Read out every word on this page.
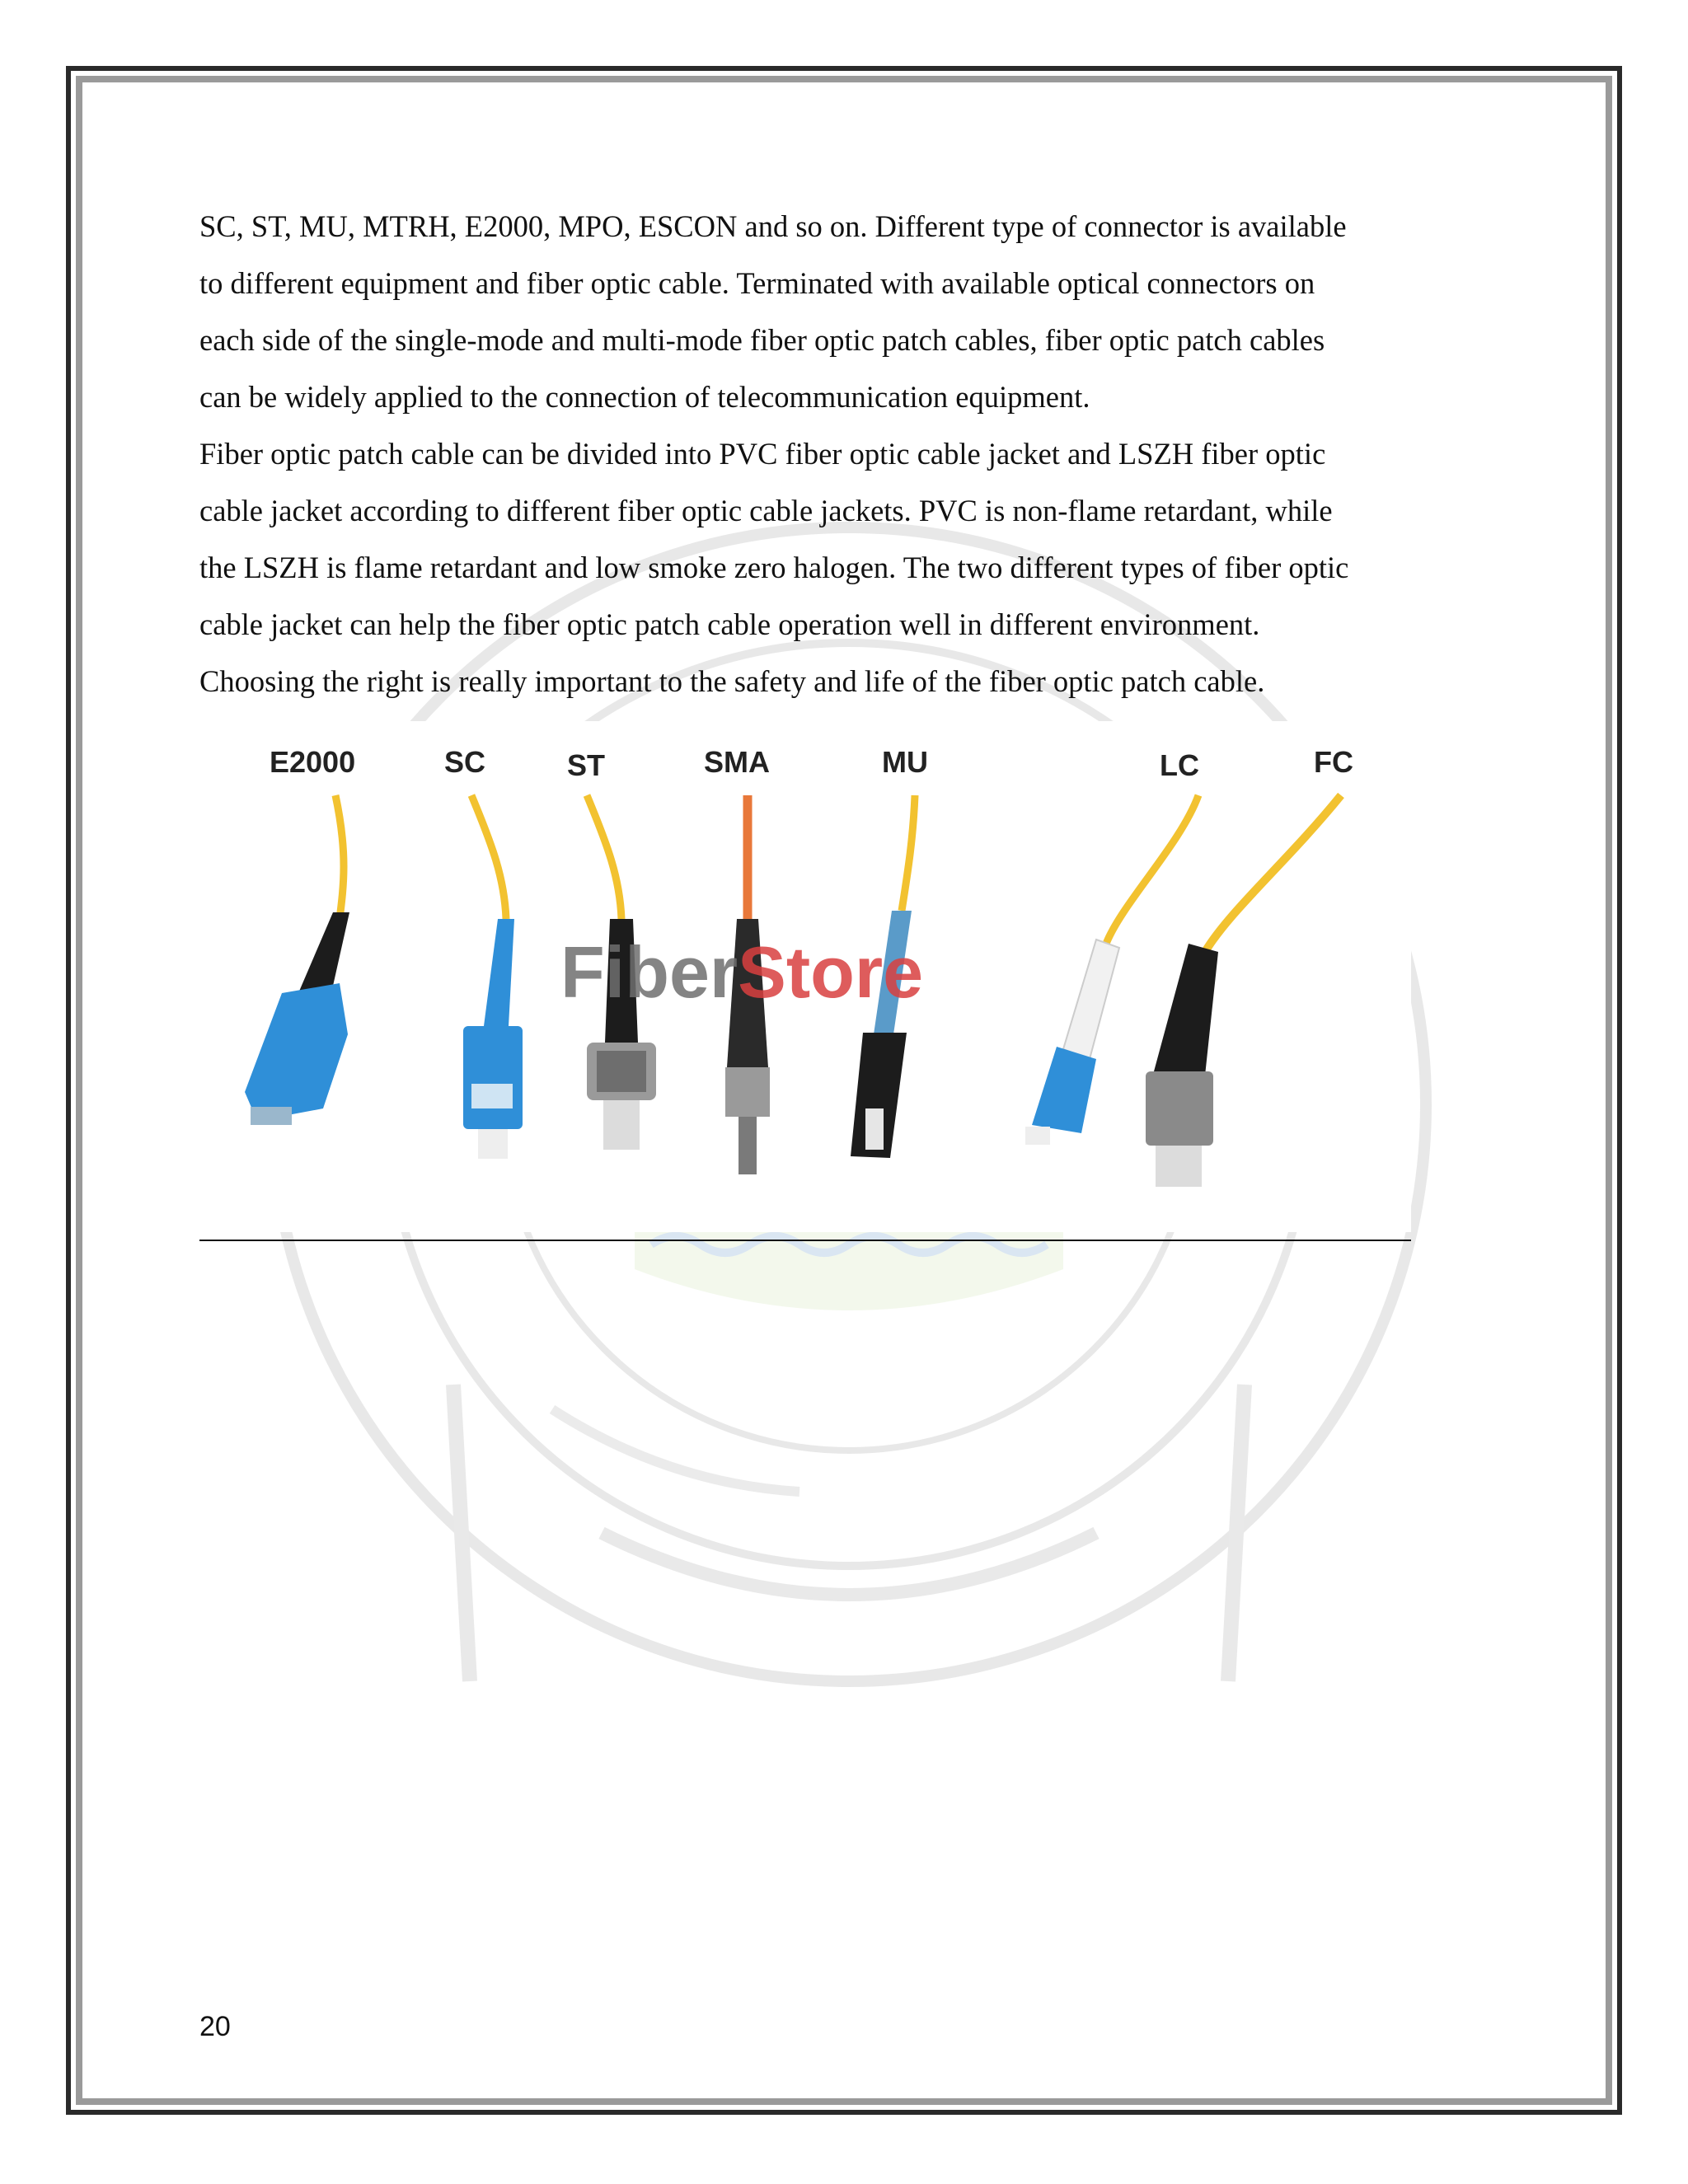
SC, ST, MU, MTRH, E2000, MPO, ESCON and so on. Different type of connector is available
to different equipment and fiber optic cable. Terminated with available optical connectors on
each side of the single-mode and multi-mode fiber optic patch cables, fiber optic patch cables
can be widely applied to the connection of telecommunication equipment.

Fiber optic patch cable can be divided into PVC fiber optic cable jacket and LSZH fiber optic
cable jacket according to different fiber optic cable jackets. PVC is non-flame retardant, while
the LSZH is flame retardant and low smoke zero halogen. The two different types of fiber optic
cable jacket can help the fiber optic patch cable operation well in different environment.
Choosing the right is really important to the safety and life of the fiber optic patch cable.

E2000	SC	ST	SMA	MU	LC	FC
FiberStore
20
